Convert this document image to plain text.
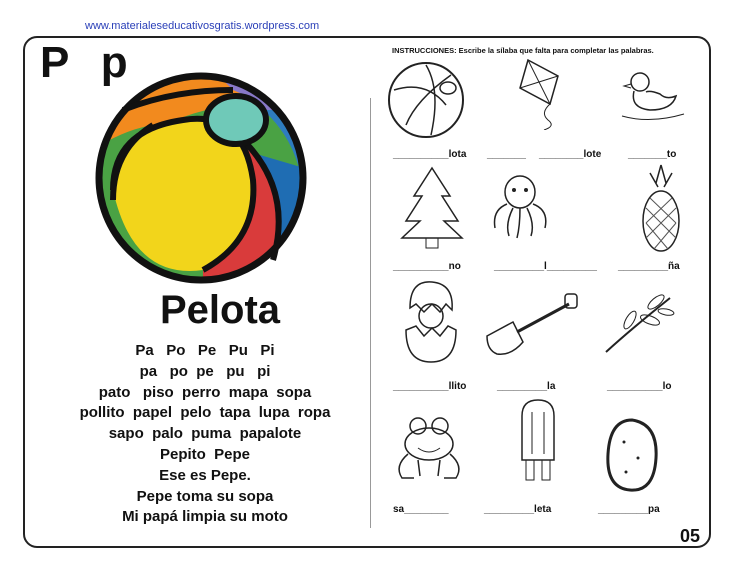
www.materialeseducativosgratis.wordpress.com
P p
Pelota
Pa   Po   Pe   Pu   Pi
pa   po  pe   pu   pi
pato   piso  perro  mapa  sopa
pollito  papel  pelo  tapa  lupa  ropa
sapo  palo  puma  papalote
Pepito  Pepe
Ese es Pepe.
Pepe toma su sopa
Mi papá limpia su moto
INSTRUCCIONES: Escribe la sílaba que falta para completar las palabras.
__________lota _______ ________lote	_______to
__________no	_________l_________ _________ña
__________llito	_________la	__________lo
sa________	_________leta	_________pa
05
